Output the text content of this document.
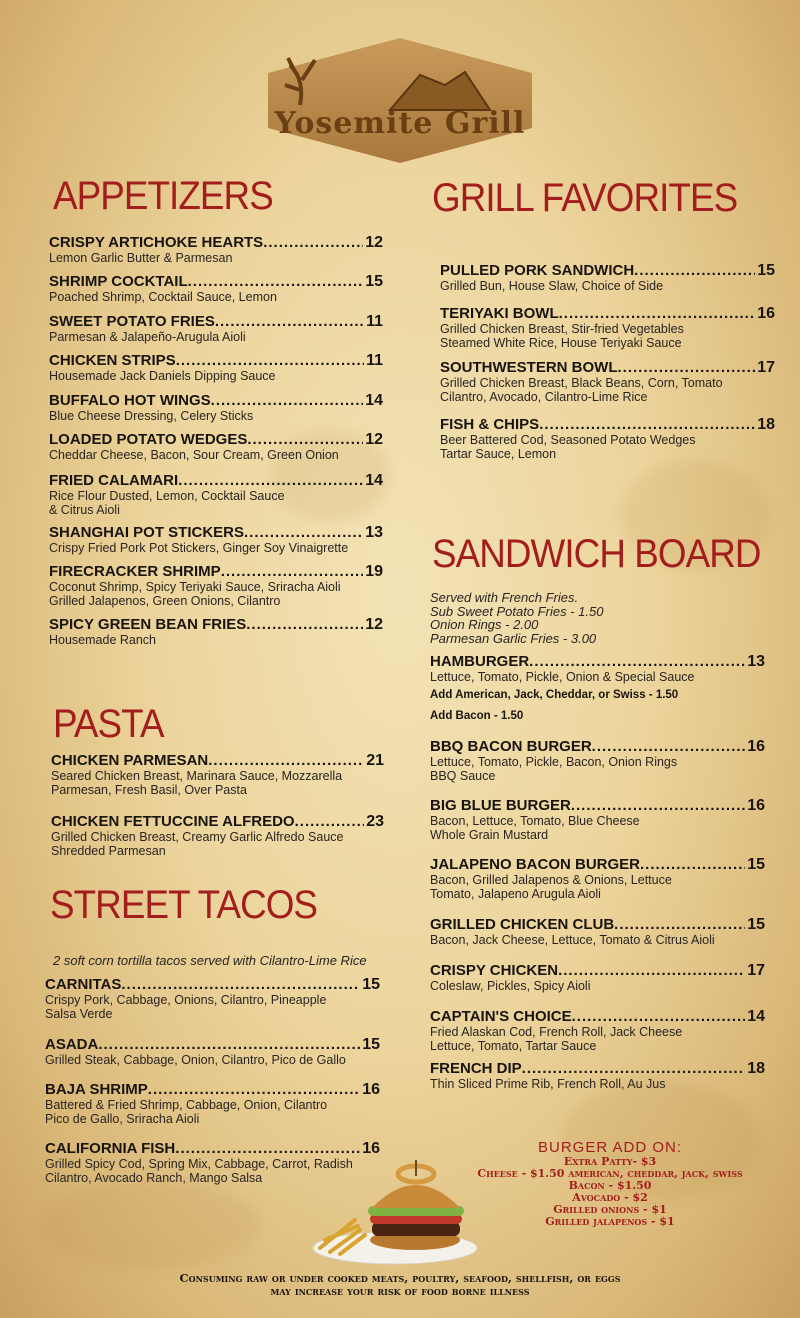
Yosemite Grill
APPETIZERS
PASTA
STREET TACOS
2 soft corn tortilla tacos served with Cilantro-Lime Rice
GRILL FAVORITES
SANDWICH BOARD
Served with French Fries.
Sub Sweet Potato Fries - 1.50
Onion Rings - 2.00
Parmesan Garlic Fries - 3.00
Add American, Jack, Cheddar, or Swiss - 1.50
Add Bacon - 1.50
CRISPY ARTICHOKE HEARTS .....	12
Lemon Garlic Butter & Parmesan
SHRIMP COCKTAIL .....	15
Poached Shrimp, Cocktail Sauce, Lemon
SWEET POTATO FRIES .....	11
Parmesan & Jalapeño-Arugula Aioli
CHICKEN STRIPS .....	11
Housemade Jack Daniels Dipping Sauce
BUFFALO HOT WINGS .....	14
Blue Cheese Dressing, Celery Sticks
LOADED POTATO WEDGES .....	12
Cheddar Cheese, Bacon, Sour Cream, Green Onion
FRIED CALAMARI .....	14
Rice Flour Dusted, Lemon, Cocktail Sauce
& Citrus Aioli
SHANGHAI POT STICKERS .....	13
Crispy Fried Pork Pot Stickers, Ginger Soy Vinaigrette
FIRECRACKER SHRIMP .....	19
Coconut Shrimp, Spicy Teriyaki Sauce, Sriracha Aioli
Grilled Jalapenos, Green Onions, Cilantro
SPICY GREEN BEAN FRIES .....	12
Housemade Ranch
CHICKEN PARMESAN .....	21
Seared Chicken Breast, Marinara Sauce, Mozzarella
Parmesan, Fresh Basil, Over Pasta
CHICKEN FETTUCCINE ALFREDO .....	23
Grilled Chicken Breast, Creamy Garlic Alfredo Sauce
Shredded Parmesan
CARNITAS .....	15
Crispy Pork, Cabbage, Onions, Cilantro, Pineapple
Salsa Verde
ASADA .....	15
Grilled Steak, Cabbage, Onion, Cilantro, Pico de Gallo
BAJA SHRIMP .....	16
Battered & Fried Shrimp, Cabbage, Onion, Cilantro
Pico de Gallo, Sriracha Aioli
CALIFORNIA FISH .....	16
Grilled Spicy Cod, Spring Mix, Cabbage, Carrot, Radish
Cilantro, Avocado Ranch, Mango Salsa
PULLED PORK SANDWICH .....	15
Grilled Bun, House Slaw, Choice of Side
TERIYAKI BOWL .....	16
Grilled Chicken Breast, Stir-fried Vegetables
Steamed White Rice, House Teriyaki Sauce
SOUTHWESTERN BOWL .....	17
Grilled Chicken Breast, Black Beans, Corn, Tomato
Cilantro, Avocado, Cilantro-Lime Rice
FISH & CHIPS .....	18
Beer Battered Cod, Seasoned Potato Wedges
Tartar Sauce, Lemon
HAMBURGER .....	13
Lettuce, Tomato, Pickle, Onion & Special Sauce
BBQ BACON BURGER .....	16
Lettuce, Tomato, Pickle, Bacon, Onion Rings
BBQ Sauce
BIG BLUE BURGER .....	16
Bacon, Lettuce, Tomato, Blue Cheese
Whole Grain Mustard
JALAPENO BACON BURGER .....	15
Bacon, Grilled Jalapenos & Onions, Lettuce
Tomato, Jalapeno Arugula Aioli
GRILLED CHICKEN CLUB .....	15
Bacon, Jack Cheese, Lettuce, Tomato & Citrus Aioli
CRISPY CHICKEN .....	17
Coleslaw, Pickles, Spicy Aioli
CAPTAIN'S CHOICE .....	14
Fried Alaskan Cod, French Roll, Jack Cheese
Lettuce, Tomato, Tartar Sauce
FRENCH DIP .....	18
Thin Sliced Prime Rib, French Roll, Au Jus
BURGER ADD ON:
Extra Patty- $3
Cheese - $1.50 american, cheddar, jack, swiss
Bacon - $1.50
Avocado - $2
Grilled onions - $1
Grilled jalapenos - $1
Consuming raw or under cooked meats, poultry, seafood, shellfish, or eggs
may increase your risk of food borne illness
